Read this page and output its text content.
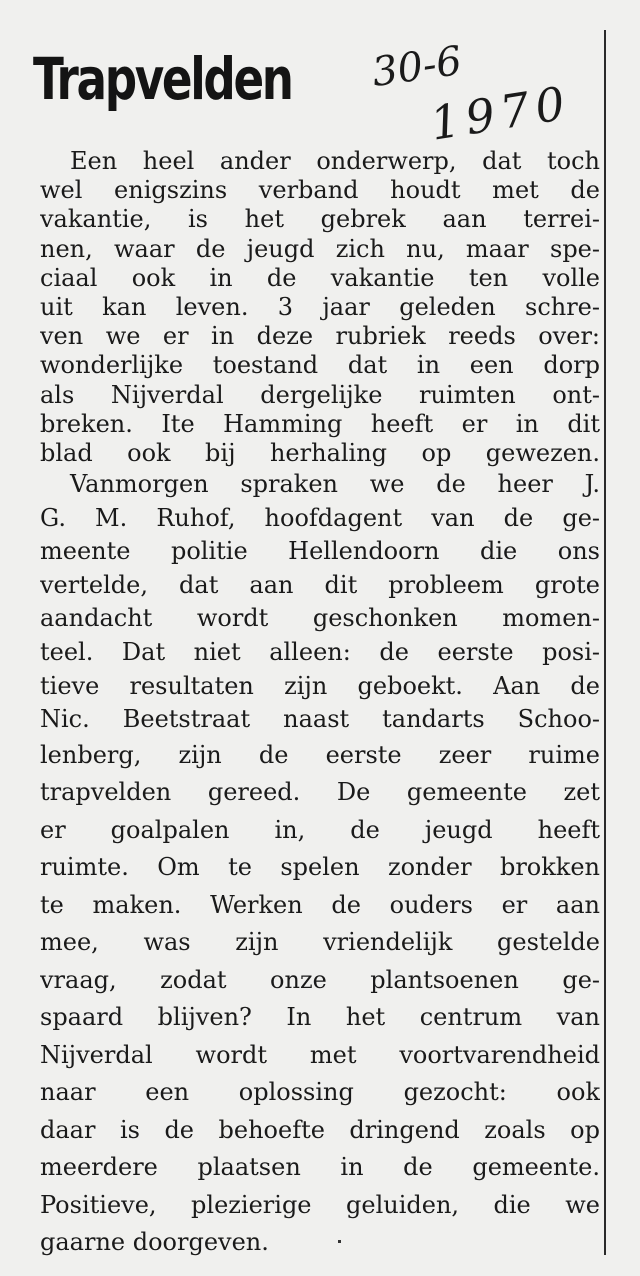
Trapvelden 30-6
1970

Een heel ander onderwerp, dat toch
wel enigszins verband houdt met de
vakantie, is het gebrek aan terrei-
nen, waar de jeugd zich nu, maar spe-
ciaal ook in de vakantie ten volle
uit kan leven. 3 jaar geleden schre-
ven we er in deze rubriek reeds over:
wonderlijke toestand dat in een dorp
als Nijverdal dergelijke ruimten ont-
breken. Ite Hamming heeft er in dit
blad ook bij herhaling op gewezen.

Vanmorgen spraken we de heer J.
G. M. Ruhof, hoofdagent van de ge-
meente politie Hellendoorn die ons
vertelde, dat aan dit probleem grote
aandacht wordt geschonken momen-
teel. Dat niet alleen: de eerste posi-
tieve resultaten zijn geboekt. Aan de
Nic. Beetstraat naast tandarts Schoo-
lenberg, zijn de eerste zeer ruime
trapvelden gereed. De gemeente zet
er goalpalen in, de jeugd heeft
ruimte. Om te spelen zonder brokken
te maken. Werken de ouders er aan
mee, was zijn vriendelijk gestelde
vraag, zodat onze plantsoenen ge-
spaard blijven? In het centrum van
Nijverdal wordt met voortvarendheid
naar een oplossing gezocht: ook
daar is de behoefte dringend zoals op
meerdere plaatsen in de gemeente.
Positieve, plezierige geluiden, die we
gaarne doorgeven.
